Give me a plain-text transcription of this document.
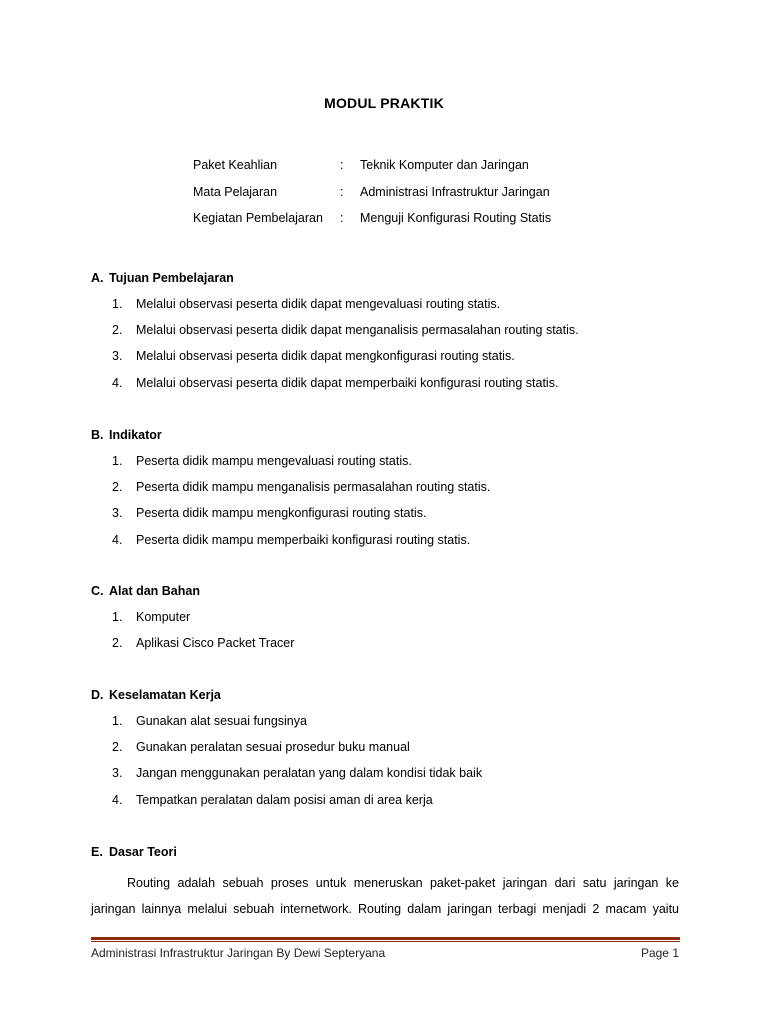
MODUL PRAKTIK
Paket Keahlian	: Teknik Komputer dan Jaringan
Mata Pelajaran	: Administrasi Infrastruktur Jaringan
Kegiatan Pembelajaran : Menguji Konfigurasi Routing Statis
A. Tujuan Pembelajaran
1. Melalui observasi peserta didik dapat mengevaluasi routing statis.
2. Melalui observasi peserta didik dapat menganalisis permasalahan routing statis.
3. Melalui observasi peserta didik dapat mengkonfigurasi routing statis.
4. Melalui observasi peserta didik dapat memperbaiki konfigurasi routing statis.
B. Indikator
1. Peserta didik mampu mengevaluasi routing statis.
2. Peserta didik mampu menganalisis permasalahan routing statis.
3. Peserta didik mampu mengkonfigurasi routing statis.
4. Peserta didik mampu memperbaiki konfigurasi routing statis.
C. Alat dan Bahan
1. Komputer
2. Aplikasi Cisco Packet Tracer
D. Keselamatan Kerja
1. Gunakan alat sesuai fungsinya
2. Gunakan peralatan sesuai prosedur buku manual
3. Jangan menggunakan peralatan yang dalam kondisi tidak baik
4. Tempatkan peralatan dalam posisi aman di area kerja
E. Dasar Teori

Routing adalah sebuah proses untuk meneruskan paket-paket jaringan dari satu jaringan ke

jaringan lainnya melalui sebuah internetwork. Routing dalam jaringan terbagi menjadi 2 macam yaitu
Administrasi Infrastruktur Jaringan By Dewi Septeryana	Page 1
